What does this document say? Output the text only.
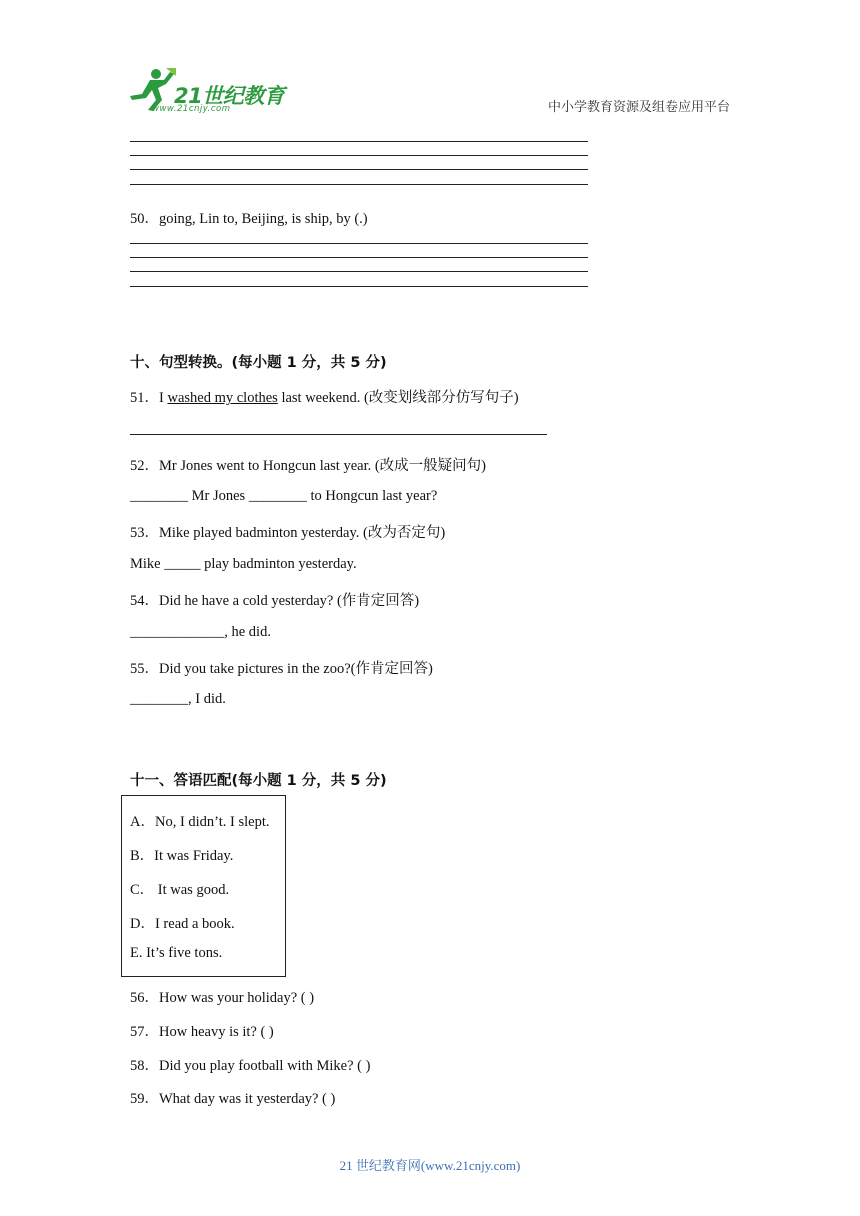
21世纪教育
www.21cnjy.com	中小学教育资源及组卷应用平台
50．going, Lin to, Beijing, is ship, by (.)
十、句型转换。(每小题 1 分，共 5 分)
51．I washed my clothes last weekend. (改变划线部分仿写句子)
52．Mr Jones went to Hongcun last year. (改成一般疑问句)
________ Mr Jones ________ to Hongcun last year?
53．Mike played badminton yesterday. (改为否定句)
Mike _____ play badminton yesterday.
54．Did he have a cold yesterday? (作肯定回答)
_____________, he did.
55．Did you take pictures in the zoo?(作肯定回答)
________, I did.
十一、答语匹配(每小题 1 分，共 5 分)
A．No, I didn’t. I slept.
B．It was Friday.
C． It was good.
D．I read a book.
E. It’s five tons.
56．How was your holiday? ( )
57．How heavy is it? ( )
58．Did you play football with Mike? ( )
59．What day was it yesterday? ( )
21 世纪教育网(www.21cnjy.com)
